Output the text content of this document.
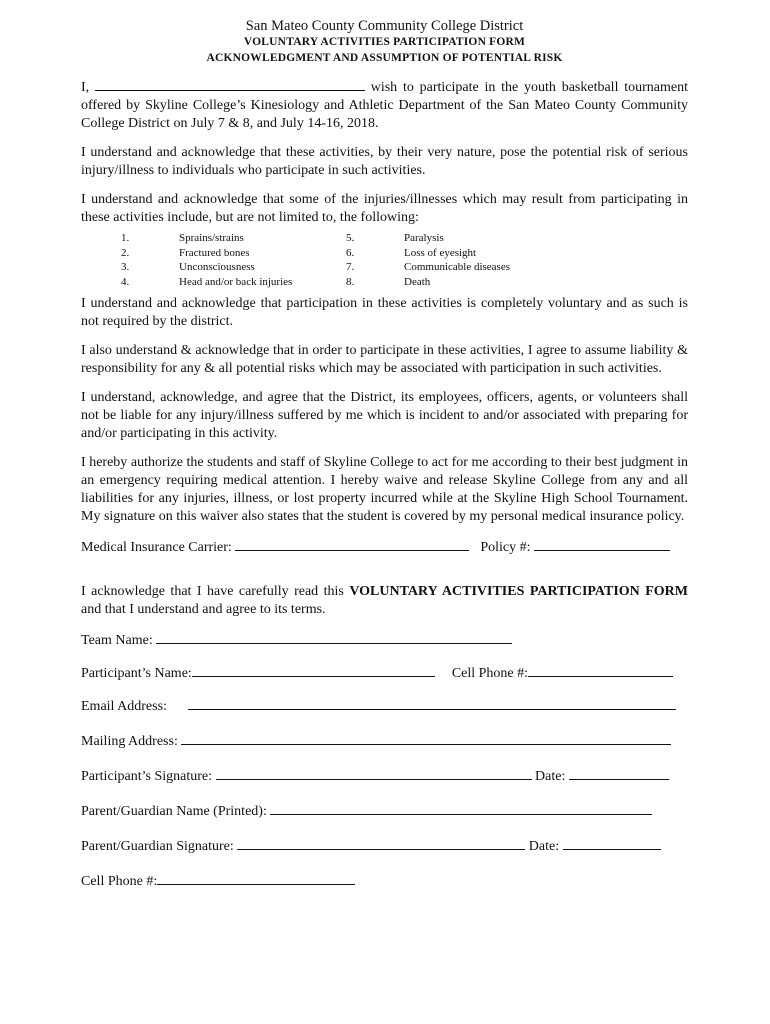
San Mateo County Community College District
VOLUNTARY ACTIVITIES PARTICIPATION FORM
ACKNOWLEDGMENT AND ASSUMPTION OF POTENTIAL RISK

I,	wish to participate in the youth basketball tournament offered by Skyline College’s Kinesiology and Athletic Department of the San Mateo County Community College District on July 7 & 8, and July 14-16, 2018.

I understand and acknowledge that these activities, by their very nature, pose the potential risk of serious injury/illness to individuals who participate in such activities.

I understand and acknowledge that some of the injuries/illnesses which may result from participating in these activities include, but are not limited to, the following:

1.	Sprains/strains	5.	Paralysis
2.	Fractured bones	6.	Loss of eyesight
3.	Unconsciousness	7.	Communicable diseases
4.	Head and/or back injuries	8.	Death

I understand and acknowledge that participation in these activities is completely voluntary and as such is not required by the district.

I also understand & acknowledge that in order to participate in these activities, I agree to assume liability & responsibility for any & all potential risks which may be associated with participation in such activities.

I understand, acknowledge, and agree that the District, its employees, officers, agents, or volunteers shall not be liable for any injury/illness suffered by me which is incident to and/or associated with preparing for and/or participating in this activity.

I hereby authorize the students and staff of Skyline College to act for me according to their best judgment in an emergency requiring medical attention. I hereby waive and release Skyline College from any and all liabilities for any injuries, illness, or lost property incurred while at the Skyline High School Tournament. My signature on this waiver also states that the student is covered by my personal medical insurance policy.

Medical Insurance Carrier:	Policy #:

I acknowledge that I have carefully read this VOLUNTARY ACTIVITIES PARTICIPATION FORM and that I understand and agree to its terms.

Team Name:
Participant’s Name:	Cell Phone #:
Email Address:
Mailing Address:
Participant’s Signature:	Date:
Parent/Guardian Name (Printed):
Parent/Guardian Signature:	Date:
Cell Phone #:
